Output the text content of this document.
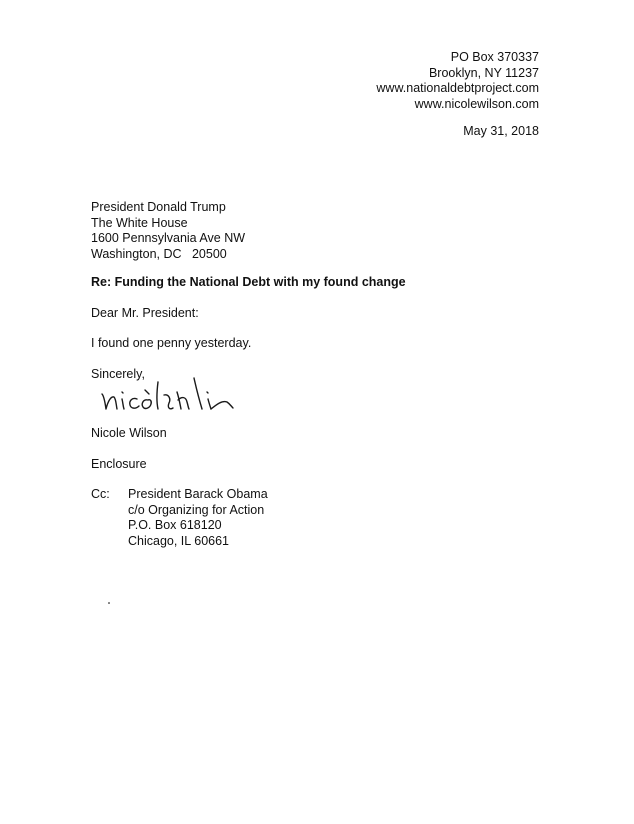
PO Box 370337
Brooklyn, NY 11237
www.nationaldebtproject.com
www.nicolewilson.com
May 31, 2018
President Donald Trump
The White House
1600 Pennsylvania Ave NW
Washington, DC   20500
Re: Funding the National Debt with my found change
Dear Mr. President:
I found one penny yesterday.
Sincerely,
Nicole Wilson
Enclosure
Cc: President Barack Obama
c/o Organizing for Action
P.O. Box 618120
Chicago, IL 60661
